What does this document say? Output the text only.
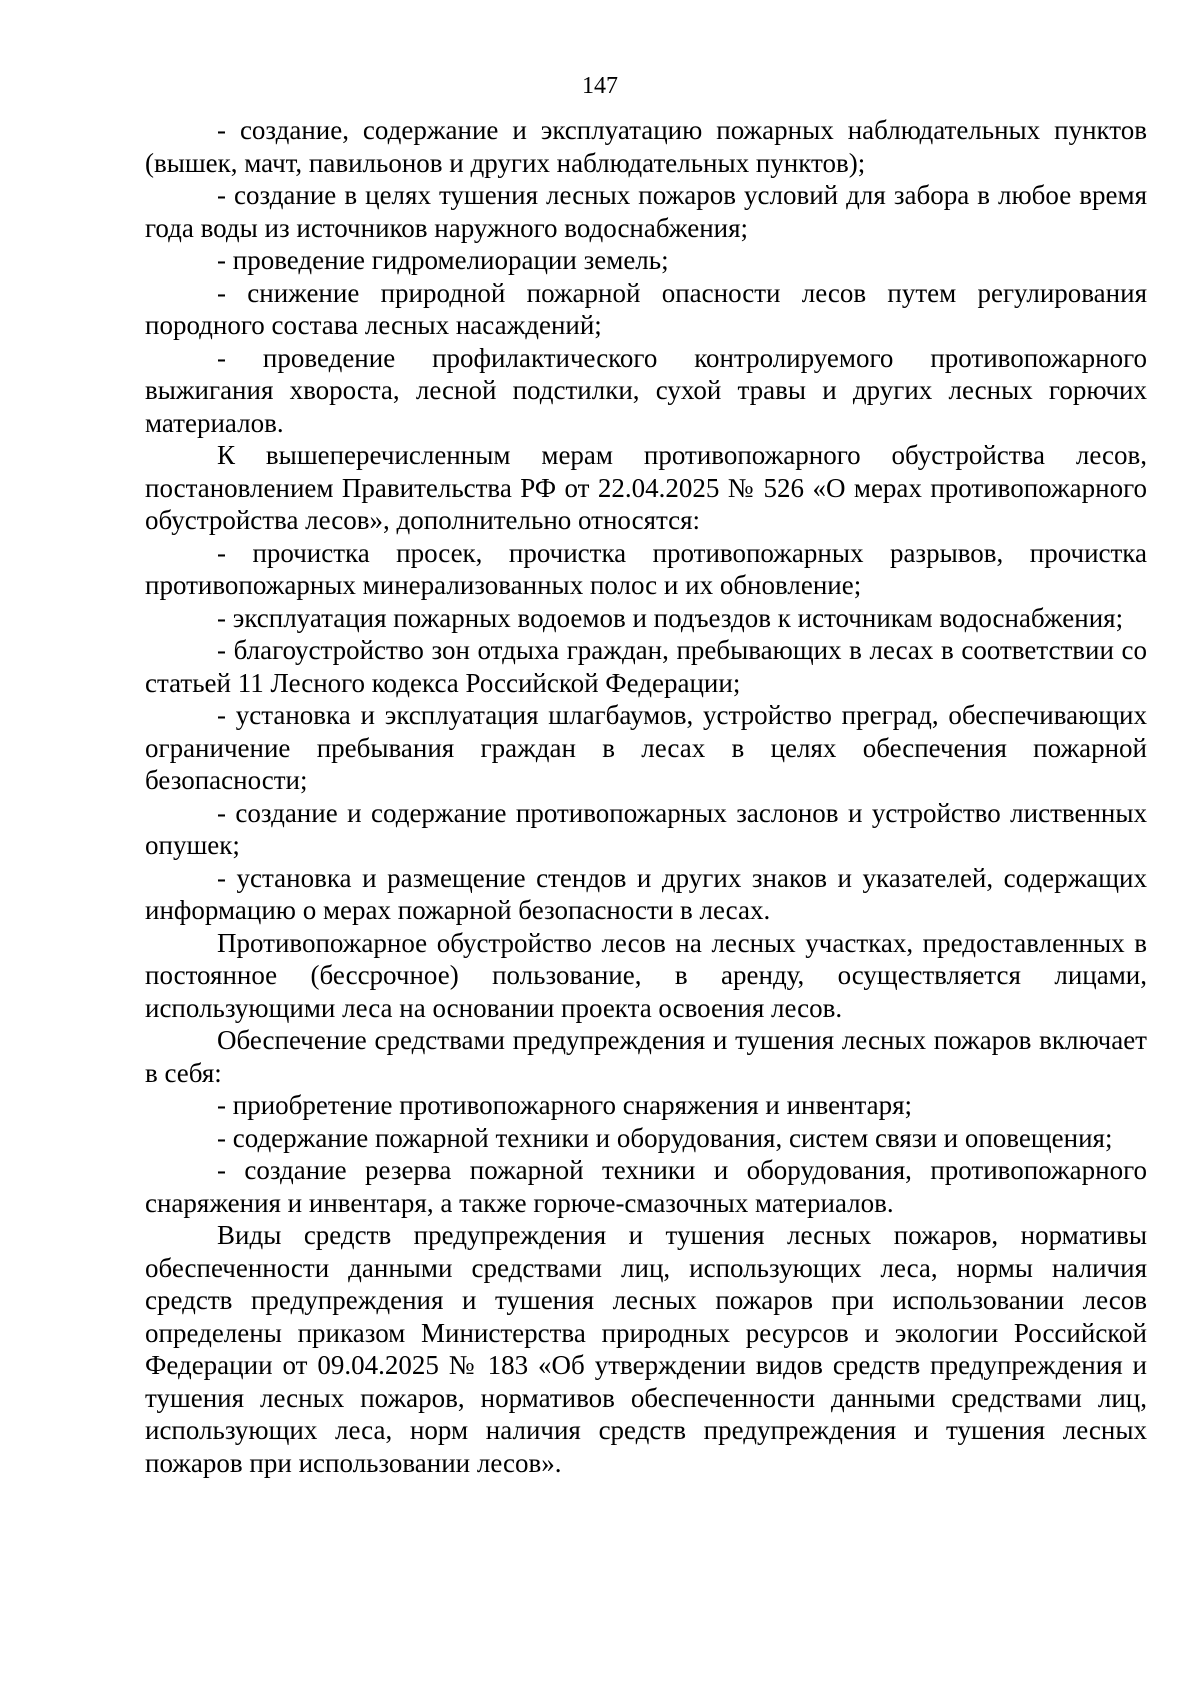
147

- создание, содержание и эксплуатацию пожарных наблюдательных пунктов (вышек, мачт, павильонов и других наблюдательных пунктов);

- создание в целях тушения лесных пожаров условий для забора в любое время года воды из источников наружного водоснабжения;

- проведение гидромелиорации земель;

- снижение природной пожарной опасности лесов путем регулирования породного состава лесных насаждений;

- проведение профилактического контролируемого противопожарного выжигания хвороста, лесной подстилки, сухой травы и других лесных горючих материалов.

К вышеперечисленным мерам противопожарного обустройства лесов, постановлением Правительства РФ от 22.04.2025 № 526 «О мерах противопожарного обустройства лесов», дополнительно относятся:

- прочистка просек, прочистка противопожарных разрывов, прочистка противопожарных минерализованных полос и их обновление;

- эксплуатация пожарных водоемов и подъездов к источникам водоснабжения;

- благоустройство зон отдыха граждан, пребывающих в лесах в соответствии со статьей 11 Лесного кодекса Российской Федерации;

- установка и эксплуатация шлагбаумов, устройство преград, обеспечивающих ограничение пребывания граждан в лесах в целях обеспечения пожарной безопасности;

- создание и содержание противопожарных заслонов и устройство лиственных опушек;

- установка и размещение стендов и других знаков и указателей, содержащих информацию о мерах пожарной безопасности в лесах.

Противопожарное обустройство лесов на лесных участках, предоставленных в постоянное (бессрочное) пользование, в аренду, осуществляется лицами, использующими леса на основании проекта освоения лесов.

Обеспечение средствами предупреждения и тушения лесных пожаров включает в себя:

- приобретение противопожарного снаряжения и инвентаря;

- содержание пожарной техники и оборудования, систем связи и оповещения;

- создание резерва пожарной техники и оборудования, противопожарного снаряжения и инвентаря, а также горюче-смазочных материалов.

Виды средств предупреждения и тушения лесных пожаров, нормативы обеспеченности данными средствами лиц, использующих леса, нормы наличия средств предупреждения и тушения лесных пожаров при использовании лесов определены приказом Министерства природных ресурсов и экологии Российской Федерации от 09.04.2025 № 183 «Об утверждении видов средств предупреждения и тушения лесных пожаров, нормативов обеспеченности данными средствами лиц, использующих леса, норм наличия средств предупреждения и тушения лесных пожаров при использовании лесов».
